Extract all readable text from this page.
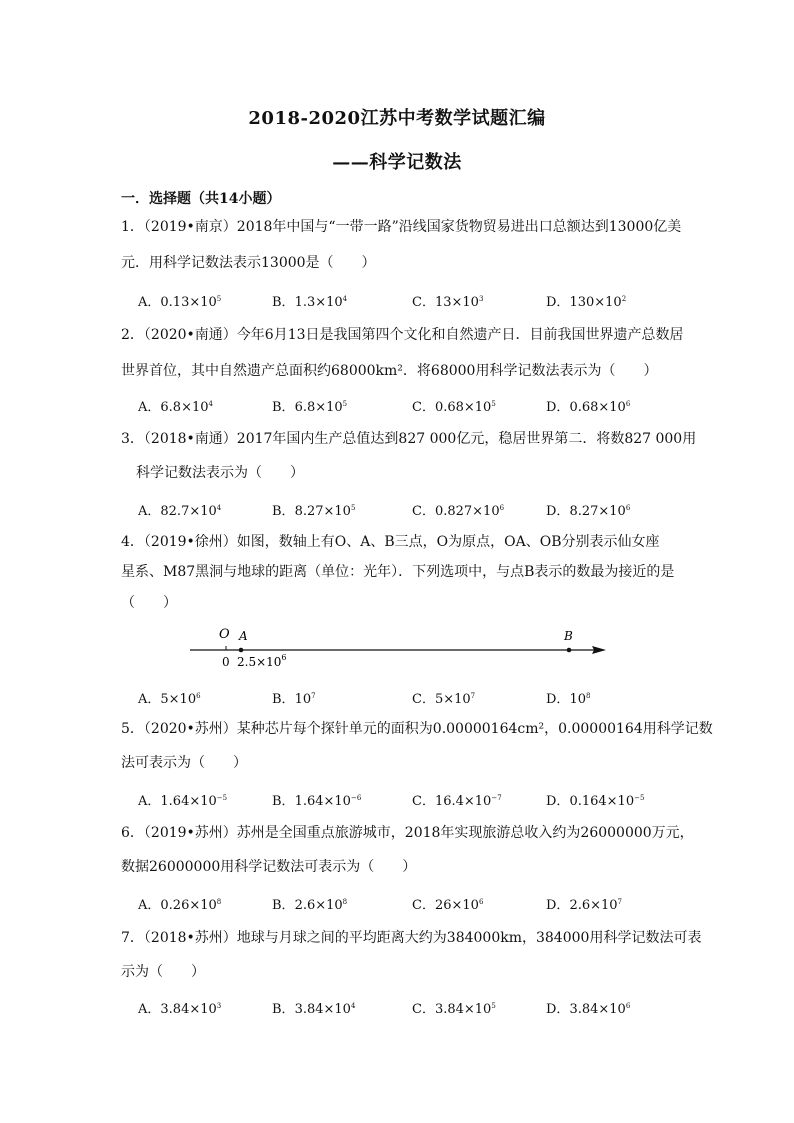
2018-2020江苏中考数学试题汇编
——科学记数法
一．选择题（共14小题）
1．（2019•南京）2018年中国与“一带一路”沿线国家货物贸易进出口总额达到13000亿美
元．用科学记数法表示13000是（　　）
A．$0.13\times 10^5$	B．$1.3\times 10^4$	C．$13\times 10^3$	D．$130\times 10^2$
2．（2020•南通）今年6月13日是我国第四个文化和自然遗产日．目前我国世界遗产总数居
世界首位，其中自然遗产总面积约68000km²．将68000用科学记数法表示为（　　）
A．$6.8\times 10^4$	B．$6.8\times 10^5$	C．$0.68\times 10^5$	D．$0.68\times 10^6$
3．（2018•南通）2017年国内生产总值达到827 000亿元，稳居世界第二．将数827 000用
科学记数法表示为（　　）
A．$82.7\times 10^4$	B．$8.27\times 10^5$	C．$0.827\times 10^6$	D．$8.27\times 10^6$
4．（2019•徐州）如图，数轴上有O、A、B三点，O为原点，OA、OB分别表示仙女座
星系、M87黑洞与地球的距离（单位：光年）．下列选项中，与点B表示的数最为接近的是
（　　）
O A	B
0 $2.5\times 10^6$
A．$5\times 10^6$	B．$10^7$	C．$5\times 10^7$	D．$10^8$
5．（2020•苏州）某种芯片每个探针单元的面积为0.00000164cm²，0.00000164用科学记数
法可表示为（　　）
A．$1.64\times 10^{-5}$	B．$1.64\times 10^{-6}$	C．$16.4\times 10^{-7}$	D．$0.164\times 10^{-5}$
6．（2019•苏州）苏州是全国重点旅游城市，2018年实现旅游总收入约为26000000万元，
数据26000000用科学记数法可表示为（　　）
A．$0.26\times 10^8$	B．$2.6\times 10^8$	C．$26\times 10^6$	D．$2.6\times 10^7$
7．（2018•苏州）地球与月球之间的平均距离大约为384000km，384000用科学记数法可表
示为（　　）
A．$3.84\times 10^3$	B．$3.84\times 10^4$	C．$3.84\times 10^5$	D．$3.84\times 10^6$
